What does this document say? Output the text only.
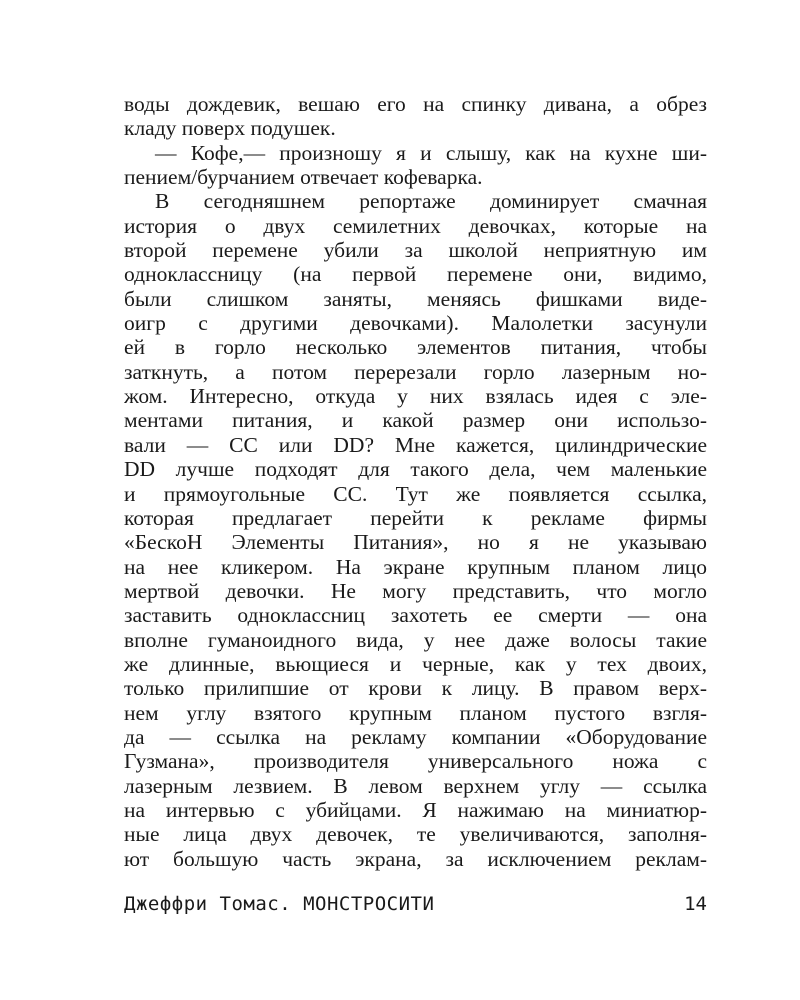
воды дождевик, вешаю его на спинку дивана, а обрез
кладу поверх подушек.
— Кофе,— произношу я и слышу, как на кухне ши-
пением/бурчанием отвечает кофеварка.
В сегодняшнем репортаже доминирует смачная
история о двух семилетних девочках, которые на
второй перемене убили за школой неприятную им
одноклассницу (на первой перемене они, видимо,
были слишком заняты, меняясь фишками виде-
оигр с другими девочками). Малолетки засунули
ей в горло несколько элементов питания, чтобы
заткнуть, а потом перерезали горло лазерным но-
жом. Интересно, откуда у них взялась идея с эле-
ментами питания, и какой размер они использо-
вали — СС или DD? Мне кажется, цилиндрические
DD лучше подходят для такого дела, чем маленькие
и прямоугольные СС. Тут же появляется ссылка,
которая предлагает перейти к рекламе фирмы
«БескоН Элементы Питания», но я не указываю
на нее кликером. На экране крупным планом лицо
мертвой девочки. Не могу представить, что могло
заставить одноклассниц захотеть ее смерти — она
вполне гуманоидного вида, у нее даже волосы такие
же длинные, вьющиеся и черные, как у тех двоих,
только прилипшие от крови к лицу. В правом верх-
нем углу взятого крупным планом пустого взгля-
да — ссылка на рекламу компании «Оборудование
Гузмана», производителя универсального ножа с
лазерным лезвием. В левом верхнем углу — ссылка
на интервью с убийцами. Я нажимаю на миниатюр-
ные лица двух девочек, те увеличиваются, заполня-
ют большую часть экрана, за исключением реклам-
Джеффри Томас. МОНСТРОСИТИ	14
